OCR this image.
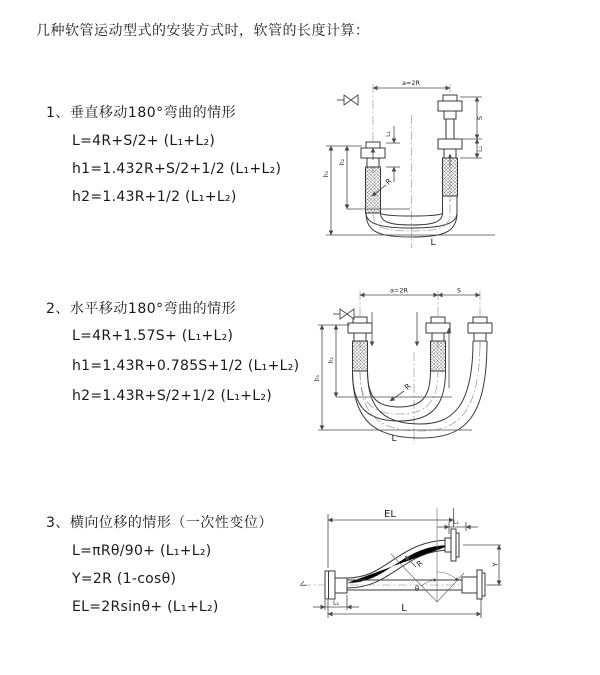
几种软管运动型式的安装方式时，软管的长度计算：
1、垂直移动180°弯曲的情形
L=4R+S/2+ (L₁+L₂)
h1=1.432R+S/2+1/2 (L₁+L₂)
h2=1.43R+1/2 (L₁+L₂)
2、水平移动180°弯曲的情形
L=4R+1.57S+ (L₁+L₂)
h1=1.43R+0.785S+1/2 (L₁+L₂)
h2=1.43R+S/2+1/2 (L₁+L₂)
3、横向位移的情形（一次性变位）
L=πRθ/90+ (L₁+L₂)
Y=2R (1-cosθ)
EL=2Rsinθ+ (L₁+L₂)
a=2R
L₁
S
L₂
h₂
h₁
R
L
a=2R	S
h₂
h₁
R
L
EL
L₁
Y
R
θ
L
L₂
